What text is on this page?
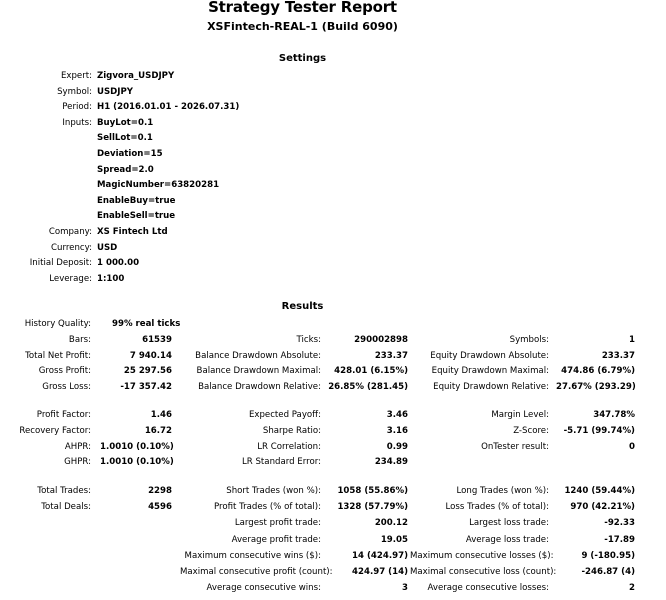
Strategy Tester Report
XSFintech-REAL-1 (Build 6090)
Settings
Expert: Zigvora_USDJPY
Symbol: USDJPY
Period: H1 (2016.01.01 - 2026.07.31)
Inputs: BuyLot=0.1
SellLot=0.1
Deviation=15
Spread=2.0
MagicNumber=63820281
EnableBuy=true
EnableSell=true
Company: XS Fintech Ltd
Currency: USD
Initial Deposit: 1 000.00
Leverage: 1:100
Results
History Quality: 99% real ticks
Bars:	61539	Ticks:	290002898	Symbols:	1
Total Net Profit:	7 940.14	Balance Drawdown Absolute:	233.37	Equity Drawdown Absolute:	233.37
Gross Profit:	25 297.56	Balance Drawdown Maximal:	428.01 (6.15%)	Equity Drawdown Maximal:	474.86 (6.79%)
Gross Loss:	-17 357.42	Balance Drawdown Relative: 26.85% (281.45)	Equity Drawdown Relative: 27.67% (293.29)
Profit Factor:	1.46	Expected Payoff:	3.46	Margin Level:	347.78%
Recovery Factor:	16.72	Sharpe Ratio:	3.16	Z-Score:	-5.71 (99.74%)
AHPR: 1.0010 (0.10%)	LR Correlation:	0.99	OnTester result:	0
GHPR: 1.0010 (0.10%)	LR Standard Error:	234.89
Total Trades:	2298	Short Trades (won %):	1058 (55.86%)	Long Trades (won %):	1240 (59.44%)
Total Deals:	4596	Profit Trades (% of total):	1328 (57.79%)	Loss Trades (% of total):	970 (42.21%)
Largest profit trade:	200.12	Largest loss trade:	-92.33
Average profit trade:	19.05	Average loss trade:	-17.89
Maximum consecutive wins ($):	14 (424.97) Maximum consecutive losses ($):	9 (-180.95)
Maximal consecutive profit (count):	424.97 (14) Maximal consecutive loss (count):	-246.87 (4)
Average consecutive wins:	3	Average consecutive losses:	2
